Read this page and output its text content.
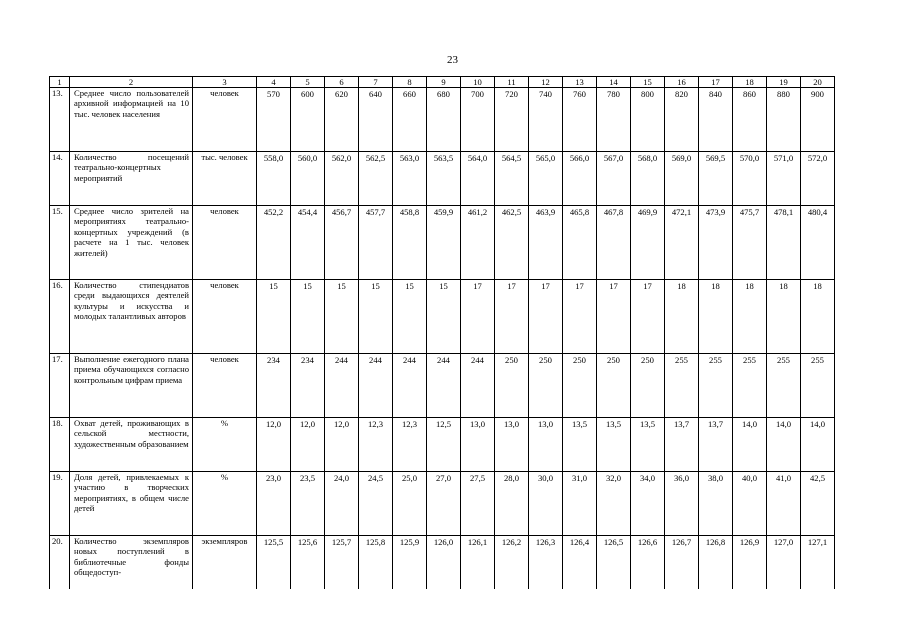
23
1	2	3	4	5	6	7	8	9	10	11	12	13	14	15	16	17	18	19	20
13.	Среднее число пользователей архивной информацией на 10 тыс. человек населения	человек	570	600	620	640	660	680	700	720	740	760	780	800	820	840	860	880	900
14.	Количество посещений театрально-концертных мероприятий	тыс. человек	558,0	560,0	562,0	562,5	563,0	563,5	564,0	564,5	565,0	566,0	567,0	568,0	569,0	569,5	570,0	571,0	572,0
15.	Среднее число зрителей на мероприятиях театрально-концертных учреждений (в расчете на 1 тыс. человек жителей)	человек	452,2	454,4	456,7	457,7	458,8	459,9	461,2	462,5	463,9	465,8	467,8	469,9	472,1	473,9	475,7	478,1	480,4
16.	Количество стипендиатов среди выдающихся деятелей культуры и искусства и молодых талантливых авторов	человек	15	15	15	15	15	15	17	17	17	17	17	17	18	18	18	18	18
17.	Выполнение ежегодного плана приема обучающихся согласно контрольным цифрам приема	человек	234	234	244	244	244	244	244	250	250	250	250	250	255	255	255	255	255
18.	Охват детей, проживающих в сельской местности, художественным образованием	%	12,0	12,0	12,0	12,3	12,3	12,5	13,0	13,0	13,0	13,5	13,5	13,5	13,7	13,7	14,0	14,0	14,0
19.	Доля детей, привлекаемых к участию в творческих мероприятиях, в общем числе детей	%	23,0	23,5	24,0	24,5	25,0	27,0	27,5	28,0	30,0	31,0	32,0	34,0	36,0	38,0	40,0	41,0	42,5
20.	Количество экземпляров новых поступлений в библиотечные фонды общедоступ-	экземпляров	125,5	125,6	125,7	125,8	125,9	126,0	126,1	126,2	126,3	126,4	126,5	126,6	126,7	126,8	126,9	127,0	127,1
